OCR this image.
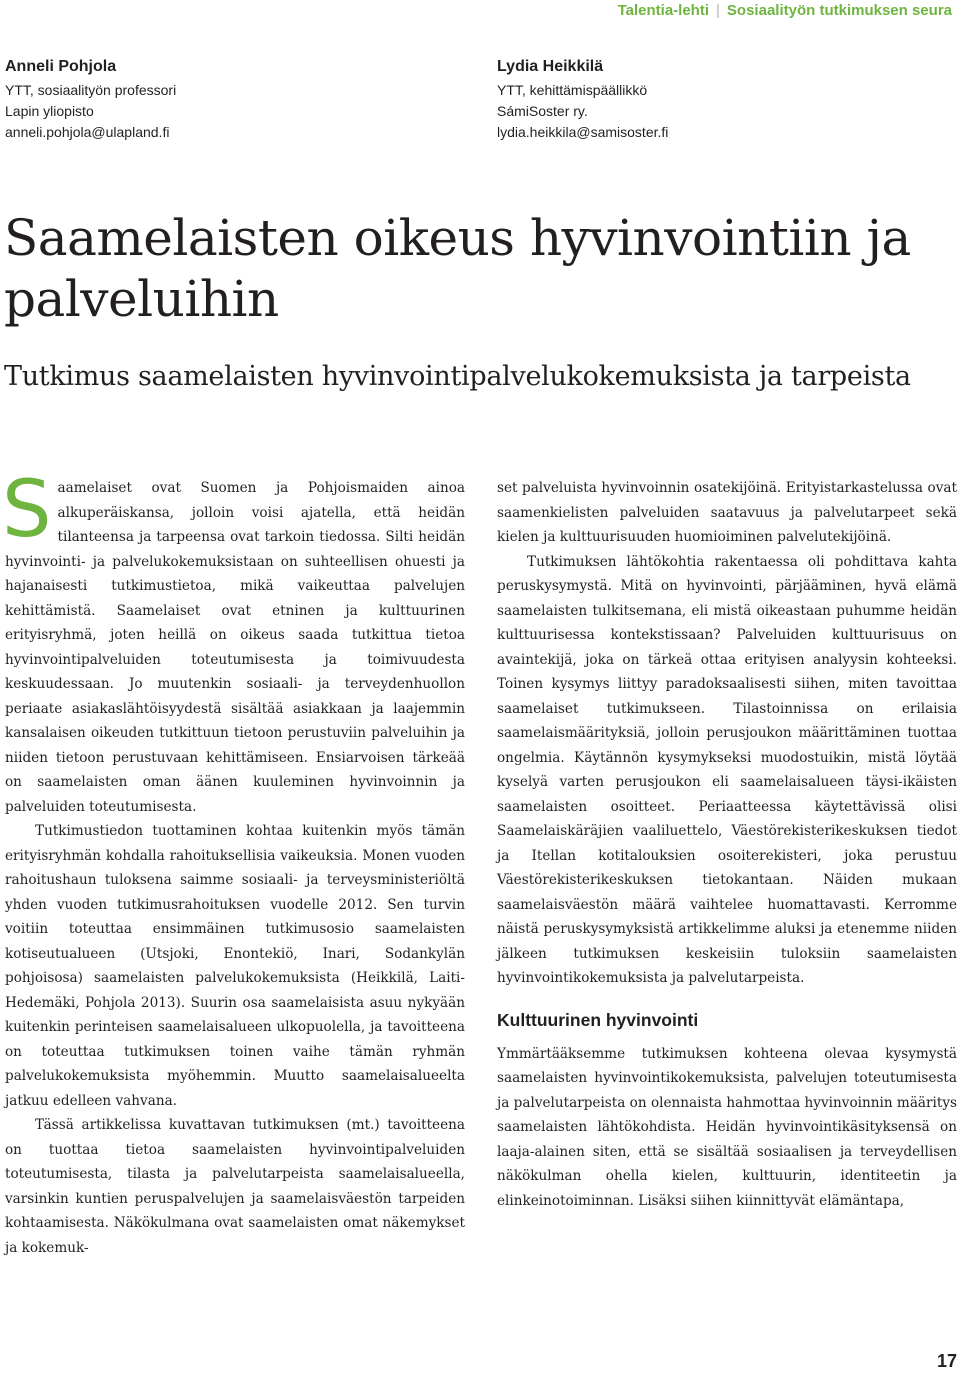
Talentia-lehti | Sosiaalityön tutkimuksen seura
Anneli Pohjola
YTT, sosiaalityön professori
Lapin yliopisto
anneli.pohjola@ulapland.fi
Lydia Heikkilä
YTT, kehittämispäällikkö
SámiSoster ry.
lydia.heikkila@samisoster.fi
Saamelaisten oikeus hyvinvointiin ja palveluihin
Tutkimus saamelaisten hyvinvointipalvelukokemuksista ja tarpeista

Saamelaiset ovat Suomen ja Pohjoismaiden ainoa alkuperäiskansa, jolloin voisi ajatella, että heidän tilanteensa ja tarpeensa ovat tarkoin tiedossa. Silti heidän hyvinvointi- ja palvelukokemuksistaan on suhteellisen ohuesti ja hajanaisesti tutkimustietoa, mikä vaikeuttaa palvelujen kehittämistä. Saamelaiset ovat etninen ja kulttuurinen erityisryhmä, joten heillä on oikeus saada tutkittua tietoa hyvinvointipalveluiden toteutumisesta ja toimivuudesta keskuudessaan. Jo muutenkin sosiaali- ja terveydenhuollon periaate asiakaslähtöisyydestä sisältää asiakkaan ja laajemmin kansalaisen oikeuden tutkittuun tietoon perustuviin palveluihin ja niiden tietoon perustuvaan kehittämiseen. Ensiarvoisen tärkeää on saamelaisten oman äänen kuuleminen hyvinvoinnin ja palveluiden toteutumisesta.

Tutkimustiedon tuottaminen kohtaa kuitenkin myös tämän erityisryhmän kohdalla rahoituksellisia vaikeuksia. Monen vuoden rahoitushaun tuloksena saimme sosiaali- ja terveysministeriöltä yhden vuoden tutkimusrahoituksen vuodelle 2012. Sen turvin voitiin toteuttaa ensimmäinen tutkimusosio saamelaisten kotiseutualueen (Utsjoki, Enontekiö, Inari, Sodankylän pohjoisosa) saamelaisten palvelukokemuksista (Heikkilä, Laiti-Hedemäki, Pohjola 2013). Suurin osa saamelaisista asuu nykyään kuitenkin perinteisen saamelaisalueen ulkopuolella, ja tavoitteena on toteuttaa tutkimuksen toinen vaihe tämän ryhmän palvelukokemuksista myöhemmin. Muutto saamelaisalueelta jatkuu edelleen vahvana.

Tässä artikkelissa kuvattavan tutkimuksen (mt.) tavoitteena on tuottaa tietoa saamelaisten hyvinvointipalveluiden toteutumisesta, tilasta ja palvelutarpeista saamelaisalueella, varsinkin kuntien peruspalvelujen ja saamelaisväestön tarpeiden kohtaamisesta. Näkökulmana ovat saamelaisten omat näkemykset ja kokemuk-

set palveluista hyvinvoinnin osatekijöinä. Erityistarkastelussa ovat saamenkielisten palveluiden saatavuus ja palvelutarpeet sekä kielen ja kulttuurisuuden huomioiminen palvelutekijöinä.

Tutkimuksen lähtökohtia rakentaessa oli pohdittava kahta peruskysymystä. Mitä on hyvinvointi, pärjääminen, hyvä elämä saamelaisten tulkitsemana, eli mistä oikeastaan puhumme heidän kulttuurisessa kontekstissaan? Palveluiden kulttuurisuus on avaintekijä, joka on tärkeä ottaa erityisen analyysin kohteeksi. Toinen kysymys liittyy paradoksaalisesti siihen, miten tavoittaa saamelaiset tutkimukseen. Tilastoinnissa on erilaisia saamelaismäärityksiä, jolloin perusjoukon määrittäminen tuottaa ongelmia. Käytännön kysymykseksi muodostuikin, mistä löytää kyselyä varten perusjoukon eli saamelaisalueen täysi-ikäisten saamelaisten osoitteet. Periaatteessa käytettävissä olisi Saamelaiskäräjien vaaliluettelo, Väestörekisterikeskuksen tiedot ja Itellan kotitalouksien osoiterekisteri, joka perustuu Väestörekisterikeskuksen tietokantaan. Näiden mukaan saamelaisväestön määrä vaihtelee huomattavasti. Kerromme näistä peruskysymyksistä artikkelimme aluksi ja etenemme niiden jälkeen tutkimuksen keskeisiin tuloksiin saamelaisten hyvinvointikokemuksista ja palvelutarpeista.

Kulttuurinen hyvinvointi

Ymmärtääksemme tutkimuksen kohteena olevaa kysymystä saamelaisten hyvinvointikokemuksista, palvelujen toteutumisesta ja palvelutarpeista on olennaista hahmottaa hyvinvoinnin määritys saamelaisten lähtökohdista. Heidän hyvinvointikäsityksensä on laaja-alainen siten, että se sisältää sosiaalisen ja terveydellisen näkökulman ohella kielen, kulttuurin, identiteetin ja elinkeinotoiminnan. Lisäksi siihen kiinnittyvät elämäntapa,

17
